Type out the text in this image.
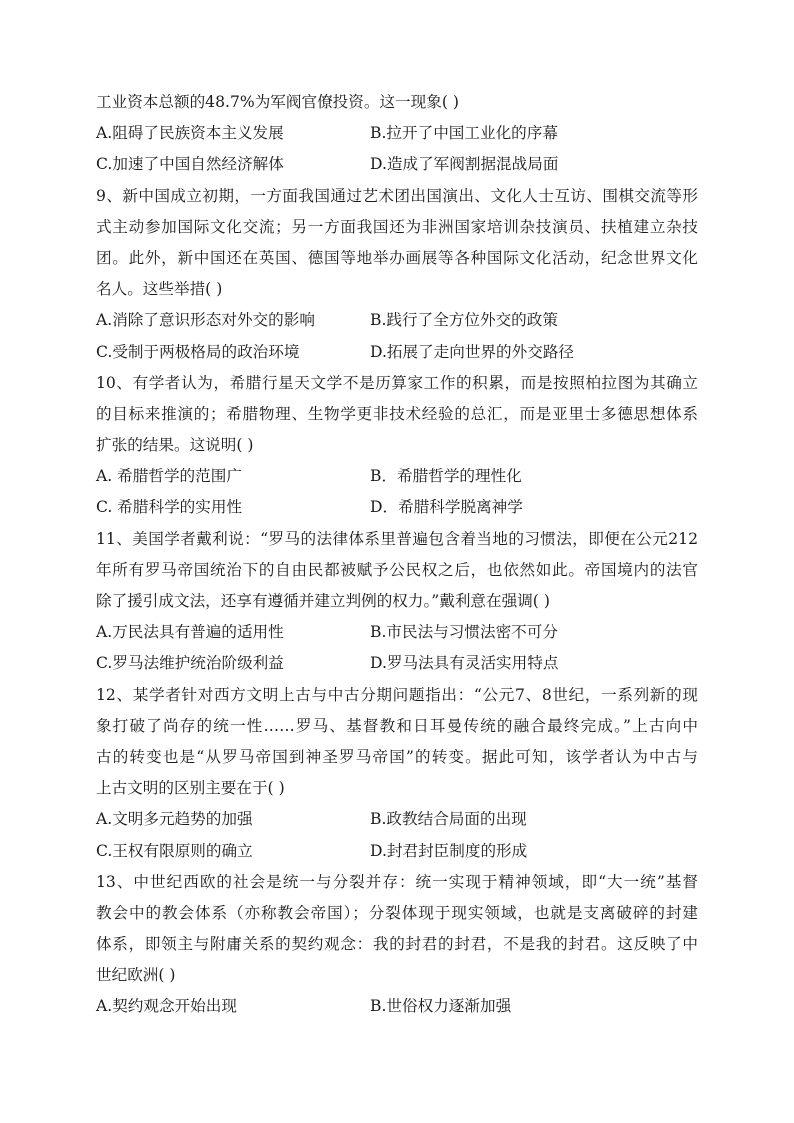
工业资本总额的48.7%为军阀官僚投资。这一现象( )
A.阻碍了民族资本主义发展	B.拉开了中国工业化的序幕
C.加速了中国自然经济解体	D.造成了军阀割据混战局面
9、新中国成立初期，一方面我国通过艺术团出国演出、文化人士互访、围棋交流等形
式主动参加国际文化交流；另一方面我国还为非洲国家培训杂技演员、扶植建立杂技
团。此外，新中国还在英国、德国等地举办画展等各种国际文化活动，纪念世界文化
名人。这些举措( )
A.消除了意识形态对外交的影响	B.践行了全方位外交的政策
C.受制于两极格局的政治环境	D.拓展了走向世界的外交路径
10、有学者认为，希腊行星天文学不是历算家工作的积累，而是按照柏拉图为其确立
的目标来推演的；希腊物理、生物学更非技术经验的总汇，而是亚里士多德思想体系
扩张的结果。这说明( )
A. 希腊哲学的范围广	B．希腊哲学的理性化
C. 希腊科学的实用性	D．希腊科学脱离神学
11、美国学者戴利说：“罗马的法律体系里普遍包含着当地的习惯法，即便在公元212
年所有罗马帝国统治下的自由民都被赋予公民权之后，也依然如此。帝国境内的法官
除了援引成文法，还享有遵循并建立判例的权力。”戴利意在强调( )
A.万民法具有普遍的适用性	B.市民法与习惯法密不可分
C.罗马法维护统治阶级利益	D.罗马法具有灵活实用特点
12、某学者针对西方文明上古与中古分期问题指出：“公元7、8世纪，一系列新的现
象打破了尚存的统一性……罗马、基督教和日耳曼传统的融合最终完成。”上古向中
古的转变也是“从罗马帝国到神圣罗马帝国”的转变。据此可知，该学者认为中古与
上古文明的区别主要在于( )
A.文明多元趋势的加强	B.政教结合局面的出现
C.王权有限原则的确立	D.封君封臣制度的形成
13、中世纪西欧的社会是统一与分裂并存：统一实现于精神领域，即“大一统”基督
教会中的教会体系（亦称教会帝国）；分裂体现于现实领域，也就是支离破碎的封建
体系，即领主与附庸关系的契约观念：我的封君的封君，不是我的封君。这反映了中
世纪欧洲( )
A.契约观念开始出现	B.世俗权力逐渐加强
